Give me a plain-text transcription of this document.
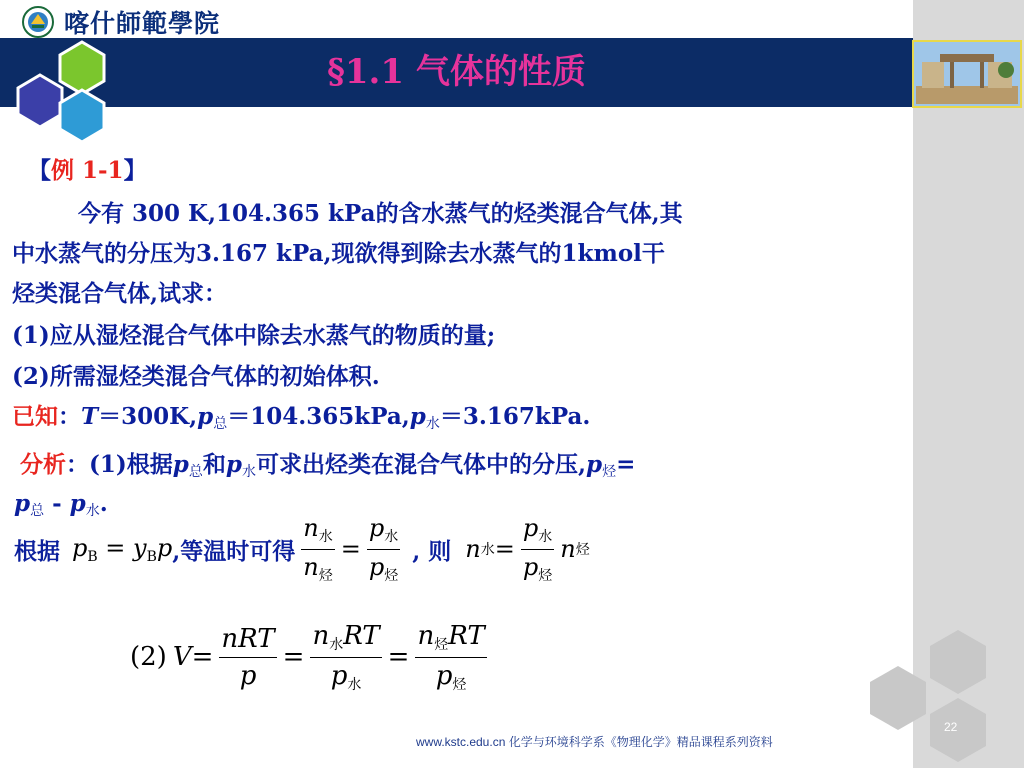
喀什師範學院
§1.1 气体的性质
【例 1-1】
今有 300 K,104.365 kPa的含水蒸气的烃类混合气体,其
中水蒸气的分压为3.167 kPa,现欲得到除去水蒸气的1kmol干
烃类混合气体,试求：
(1)应从湿烃混合气体中除去水蒸气的物质的量;
(2)所需湿烃类混合气体的初始体积.
已知：$T=300K,p_总=104.365kPa,p_水=3.167kPa$.
分析：(1)根据$p_总$和$p_水$可求出烃类在混合气体中的分压$,p_烃=$
$p_总 - p_水$.
根据 $p_B = y_Bp$ ,等温时可得 $\frac{n_水}{n_烃} = \frac{p_水}{p_烃}$ , 则 n 水 = $\frac{p_水}{p_烃}$ n 烃
(2) $V = \frac{\text{nRT}}{p} = \frac{\text{n水RT}}{\text{p水}} = \frac{\text{n烃RT}}{\text{p烃}}$
22
www.kstc.edu.cn 化学与环境科学系《物理化学》精品课程系列资料
